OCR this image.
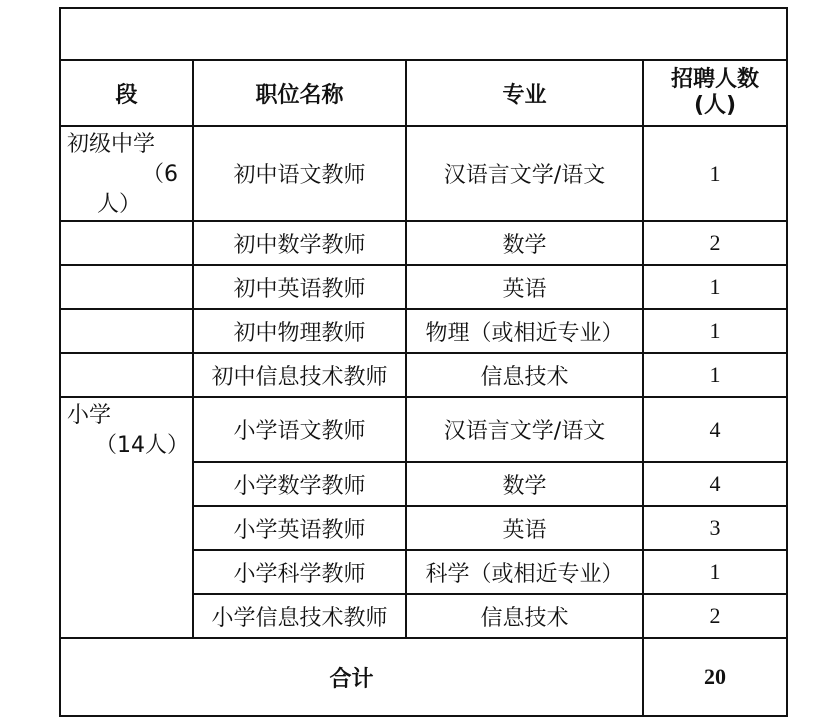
段	职位名称	专业	招聘人数
(人)

初级中学
（6
人）	初中语文教师	汉语言文学/语文	1
	初中数学教师	数学	2
	初中英语教师	英语	1
	初中物理教师	物理（或相近专业）	1
	初中信息技术教师	信息技术	1

小学
（14人）	小学语文教师	汉语言文学/语文	4
	小学数学教师	数学	4
	小学英语教师	英语	3
	小学科学教师	科学（或相近专业）	1
	小学信息技术教师	信息技术	2
合计			20
